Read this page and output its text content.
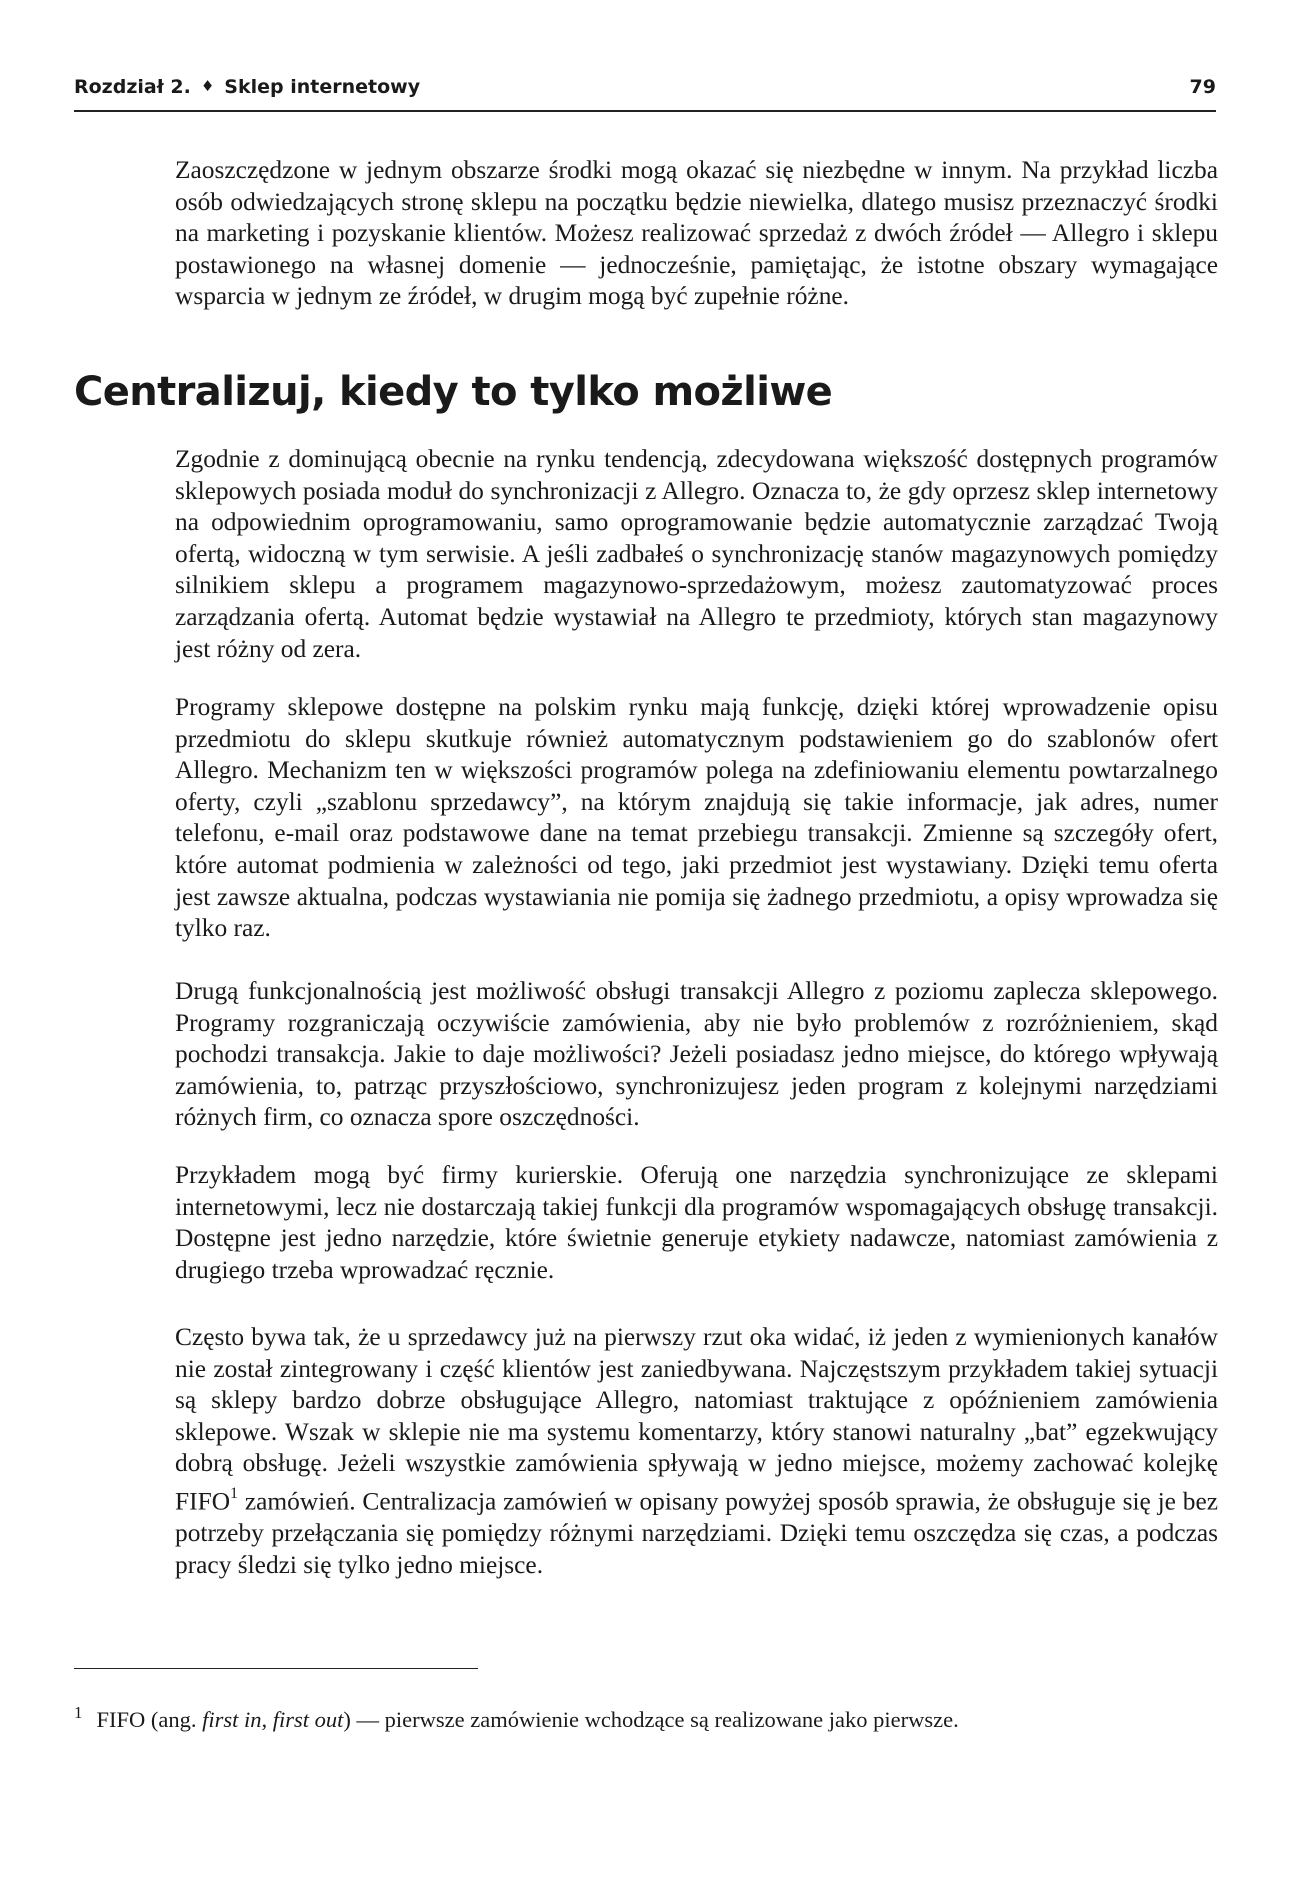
Rozdział 2. ♦ Sklep internetowy	79

Zaoszczędzone w jednym obszarze środki mogą okazać się niezbędne w innym. Na przykład liczba osób odwiedzających stronę sklepu na początku będzie niewielka, dlatego musisz przeznaczyć środki na marketing i pozyskanie klientów. Możesz realizować sprzedaż z dwóch źródeł — Allegro i sklepu postawionego na własnej domenie — jednocześnie, pamiętając, że istotne obszary wymagające wsparcia w jednym ze źródeł, w drugim mogą być zupełnie różne.

Centralizuj, kiedy to tylko możliwe

Zgodnie z dominującą obecnie na rynku tendencją, zdecydowana większość dostępnych programów sklepowych posiada moduł do synchronizacji z Allegro. Oznacza to, że gdy oprzesz sklep internetowy na odpowiednim oprogramowaniu, samo oprogramowanie będzie automatycznie zarządzać Twoją ofertą, widoczną w tym serwisie. A jeśli zadbałeś o synchronizację stanów magazynowych pomiędzy silnikiem sklepu a programem magazynowo-sprzedażowym, możesz zautomatyzować proces zarządzania ofertą. Automat będzie wystawiał na Allegro te przedmioty, których stan magazynowy jest różny od zera.

Programy sklepowe dostępne na polskim rynku mają funkcję, dzięki której wprowadzenie opisu przedmiotu do sklepu skutkuje również automatycznym podstawieniem go do szablonów ofert Allegro. Mechanizm ten w większości programów polega na zdefiniowaniu elementu powtarzalnego oferty, czyli „szablonu sprzedawcy”, na którym znajdują się takie informacje, jak adres, numer telefonu, e-mail oraz podstawowe dane na temat przebiegu transakcji. Zmienne są szczegóły ofert, które automat podmienia w zależności od tego, jaki przedmiot jest wystawiany. Dzięki temu oferta jest zawsze aktualna, podczas wystawiania nie pomija się żadnego przedmiotu, a opisy wprowadza się tylko raz.

Drugą funkcjonalnością jest możliwość obsługi transakcji Allegro z poziomu zaplecza sklepowego. Programy rozgraniczają oczywiście zamówienia, aby nie było problemów z rozróżnieniem, skąd pochodzi transakcja. Jakie to daje możliwości? Jeżeli posiadasz jedno miejsce, do którego wpływają zamówienia, to, patrząc przyszłościowo, synchronizujesz jeden program z kolejnymi narzędziami różnych firm, co oznacza spore oszczędności.

Przykładem mogą być firmy kurierskie. Oferują one narzędzia synchronizujące ze sklepami internetowymi, lecz nie dostarczają takiej funkcji dla programów wspomagających obsługę transakcji. Dostępne jest jedno narzędzie, które świetnie generuje etykiety nadawcze, natomiast zamówienia z drugiego trzeba wprowadzać ręcznie.

Często bywa tak, że u sprzedawcy już na pierwszy rzut oka widać, iż jeden z wymienionych kanałów nie został zintegrowany i część klientów jest zaniedbywana. Najczęstszym przykładem takiej sytuacji są sklepy bardzo dobrze obsługujące Allegro, natomiast traktujące z opóźnieniem zamówienia sklepowe. Wszak w sklepie nie ma systemu komentarzy, który stanowi naturalny „bat” egzekwujący dobrą obsługę. Jeżeli wszystkie zamówienia spływają w jedno miejsce, możemy zachować kolejkę FIFO$^1$ zamówień. Centralizacja zamówień w opisany powyżej sposób sprawia, że obsługuje się je bez potrzeby przełączania się pomiędzy różnymi narzędziami. Dzięki temu oszczędza się czas, a podczas pracy śledzi się tylko jedno miejsce.

$^1$ FIFO (ang. first in, first out) — pierwsze zamówienie wchodzące są realizowane jako pierwsze.
